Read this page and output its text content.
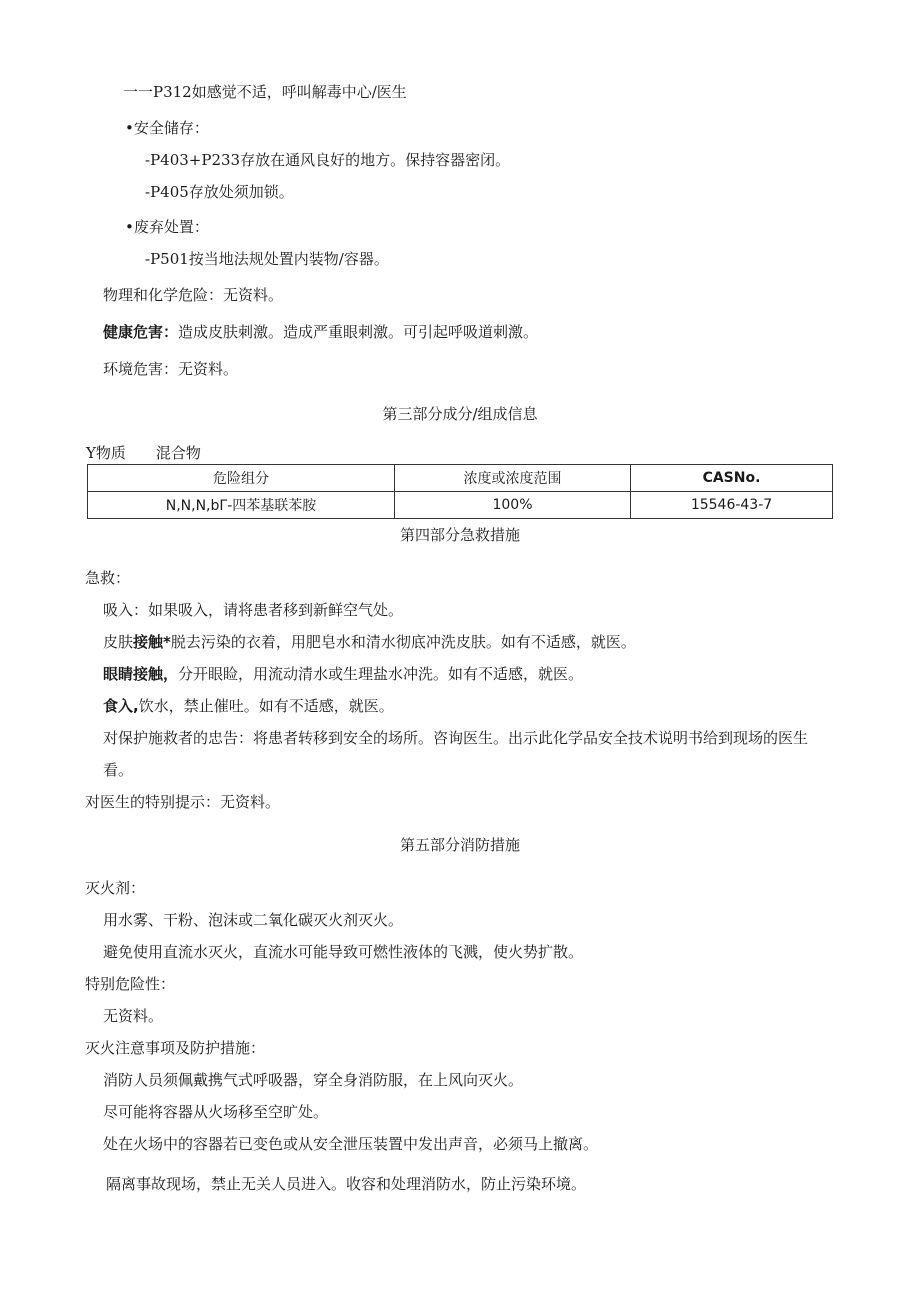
一一P312如感觉不适，呼叫解毒中心/医生
•安全储存：
-P403+P233存放在通风良好的地方。保持容器密闭。
-P405存放处须加锁。
•废弃处置：
-P501按当地法规处置内装物/容器。
物理和化学危险：无资料。
健康危害：造成皮肤刺激。造成严重眼刺激。可引起呼吸道刺激。
环境危害：无资料。
第三部分成分/组成信息
Y物质　　混合物
危险组分	浓度或浓度范围	CASNo.
N,N,N,bΓ-四苯基联苯胺	100%	15546-43-7
第四部分急救措施
急救：
吸入：如果吸入，请将患者移到新鲜空气处。
皮肤接触*脱去污染的衣着，用肥皂水和清水彻底冲洗皮肤。如有不适感，就医。
眼睛接触，分开眼睑，用流动清水或生理盐水冲洗。如有不适感，就医。
食入,饮水，禁止催吐。如有不适感，就医。
对保护施救者的忠告：将患者转移到安全的场所。咨询医生。出示此化学品安全技术说明书给到现场的医生
看。
对医生的特别提示：无资料。
第五部分消防措施
灭火剂：
用水雾、干粉、泡沫或二氧化碳灭火剂灭火。
避免使用直流水灭火，直流水可能导致可燃性液体的飞溅，使火势扩散。
特别危险性：
无资料。
灭火注意事项及防护措施：
消防人员须佩戴携气式呼吸器，穿全身消防服，在上风向灭火。
尽可能将容器从火场移至空旷处。
处在火场中的容器若已变色或从安全泄压装置中发出声音，必须马上撤离。
隔离事故现场，禁止无关人员进入。收容和处理消防水，防止污染环境。
